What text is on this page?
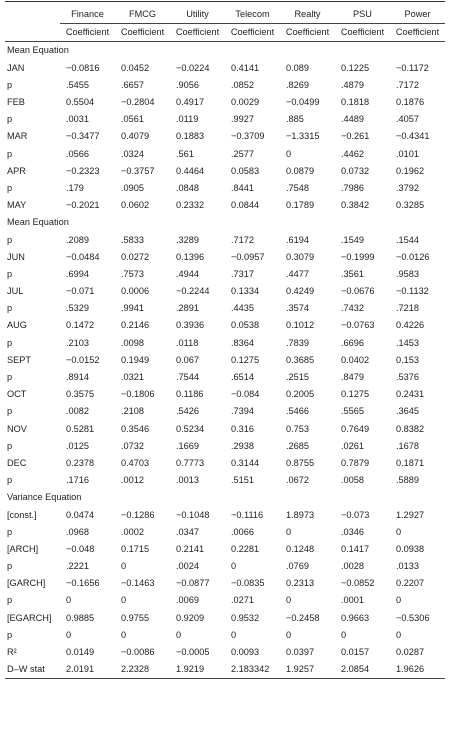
	Finance	FMCG	Utility	Telecom	Realty	PSU	Power
	Coefficient	Coefficient	Coefficient	Coefficient	Coefficient	Coefficient	Coefficient
Mean Equation							
JAN	−0.0816	0.0452	−0.0224	0.4141	0.089	0.1225	−0.1172
p	.5455	.6657	.9056	.0852	.8269	.4879	.7172
FEB	0.5504	−0.2804	0.4917	0.0029	−0.0499	0.1818	0.1876
p	.0031	.0561	.0119	.9927	.885	.4489	.4057
MAR	−0.3477	0.4079	0.1883	−0.3709	−1.3315	−0.261	−0.4341
p	.0566	.0324	.561	.2577	0	.4462	.0101
APR	−0.2323	−0.3757	0.4464	0.0583	0.0879	0.0732	0.1962
p	.179	.0905	.0848	.8441	.7548	.7986	.3792
MAY	−0.2021	0.0602	0.2332	0.0844	0.1789	0.3842	0.3285
Mean Equation							
p	.2089	.5833	.3289	.7172	.6194	.1549	.1544
JUN	−0.0484	0.0272	0.1396	−0.0957	0.3079	−0.1999	−0.0126
p	.6994	.7573	.4944	.7317	.4477	.3561	.9583
JUL	−0.071	0.0006	−0.2244	0.1334	0.4249	−0.0676	−0.1132
p	.5329	.9941	.2891	.4435	.3574	.7432	.7218
AUG	0.1472	0.2146	0.3936	0.0538	0.1012	−0.0763	0.4226
p	.2103	.0098	.0118	.8364	.7839	.6696	.1453
SEPT	−0.0152	0.1949	0.067	0.1275	0.3685	0.0402	0.153
p	.8914	.0321	.7544	.6514	.2515	.8479	.5376
OCT	0.3575	−0.1806	0.1186	−0.084	0.2005	0.1275	0.2431
p	.0082	.2108	.5426	.7394	.5466	.5565	.3645
NOV	0.5281	0.3546	0.5234	0.316	0.753	0.7649	0.8382
p	.0125	.0732	.1669	.2938	.2685	.0261	.1678
DEC	0.2378	0.4703	0.7773	0.3144	0.8755	0.7879	0.1871
p	.1716	.0012	.0013	.5151	.0672	.0058	.5889
Variance Equation							
[const.]	0.0474	−0.1286	−0.1048	−0.1116	1.8973	−0.073	1.2927
p	.0968	.0002	.0347	.0066	0	.0346	0
[ARCH]	−0.048	0.1715	0.2141	0.2281	0.1248	0.1417	0.0938
p	.2221	0	.0024	0	.0769	.0028	.0133
[GARCH]	−0.1656	−0.1463	−0.0877	−0.0835	0.2313	−0.0852	0.2207
p	0	0	.0069	.0271	0	.0001	0
[EGARCH]	0.9885	0.9755	0.9209	0.9532	−0.2458	0.9663	−0.5306
p	0	0	0	0	0	0	0
R²	0.0149	−0.0086	−0.0005	0.0093	0.0397	0.0157	0.0287
D–W stat	2.0191	2.2328	1.9219	2.183342	1.9257	2.0854	1.9626
